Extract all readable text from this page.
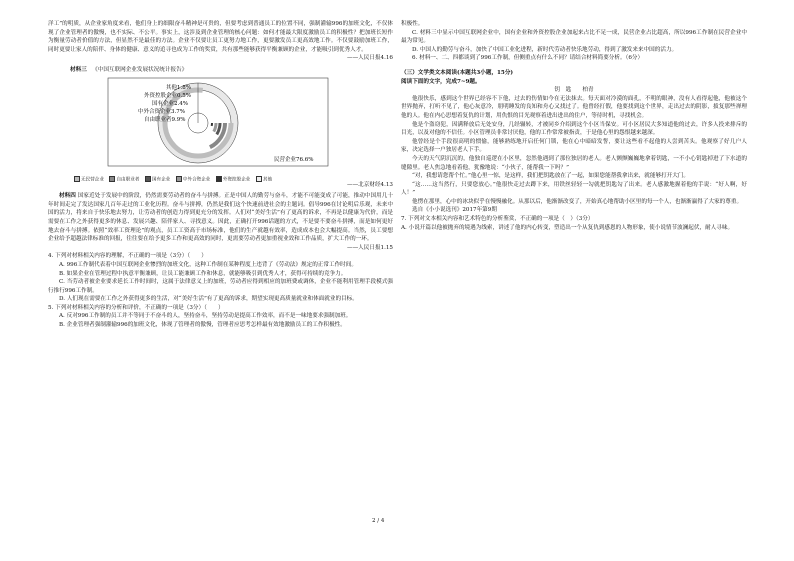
洋工”的明质，从企业家角度来看，他们身上的细限奋斗精神是可贵的，但要考虑到普通员工的位置不同，强制灌输996的加班文化，不仅体现了企业管理者的傲慢，也不实际、不公平。事实上，这涉及到企业管理的核心问题：如何才能最大限度激励员工的积极性？把加班长短作为衡量劳动者价值的方法，但显然不是最佳的方法。企业不仅要让员工更努力地工作，更要激发员工更高效地工作。不仅要鼓励加班工作，同时更要让家人的陪伴、身体的健康、意义的追寻也成为工作的奖赏，共有那些能够获得平衡兼顾的企业，才能吸引到优秀人才。

——人民日报4.16

材料三 《中国互联网企业发展状况统计报告》

其他1.8%
外资控股企业0.5%
国有企业2.4%
中外合资企业3.7%
自由职业者9.9%
民营企业76.6%
无民营企业	自由职业者	国有企业	中外合资企业	外资控股企业	其他

——北京财经4.13

材料四 国家近处于发展中的阶段，仍然需要劳动者的奋斗与拼搏。正是中国人的勤劳与奋斗，才能不可能变成了可能，推动中国用几十年时间走完了发达国家几百年走过的工业化历程。奋斗与拼搏，仍然是我们这个快速前进社会的主题词。倡导996在讨论明后乐观，未来中国的活力，将来自于快乐地去努力，让劳动者的创造力得到更充分的发挥。人们对“美好生活”有了更高的诉求，不再是以健康为代价，而是需要在工作之外获得更多的休息、发展兴趣、陪伴家人、寻找意义。因此，正确打开996话题的方式，不是要不要奋斗拼搏，而是如何更好地去奋斗与拼搏。依照“效率工资理论”的观点，员工工资高于市场标准，他们的生产就越有效率，造成成本也会大幅提高。当然，员工要想企业给予超越法律标准的回报，往往要在给予更多工作和更高效的同时，更需要劳动者更加重视业效和工作品质，扩大工作的一环。

——人民日报1.15

4. 下列对材料相关内容的理解，不正确的一项是（3分）（　　）

A. 996工作制代表着中国互联网企业惨烈的加班文化，这种工作制在某种程度上违背了《劳动法》规定的正常工作时间。

B. 如果企业在管理过程中执意平衡兼顾，让员工能兼顾工作和休息，就能够吸引到优秀人才，获得可持续的竞争力。

C. 当劳动者被企业要求延长工作时间时，这属于法律意义上的加班，劳动者应得到相应的加班费或调休，企业不能利用管理手段模式强行推行996工作制。

D. 人们现在需要在工作之外获得更多的生活，对“美好生活”有了更高的诉求，期望实现更高质量就业和体面就业的目标。

5. 下列对材料相关内容的分析和评价，不正确的一项是（3分）（　　）

A. 反对996工作制的员工并不等同于不奋斗的人，坚持奋斗，坚持劳动是提高工作效率，而不是一味地要求强制加班。

B. 企业管理者强制灌输996的加班文化，体现了管理者的傲慢，管理者应思考怎样最有效地激励员工的工作积极性。

积极性。

C. 材料三中显示中国互联网企业中，国有企业和外资控股企业加起来占比不足一成，民营企业占比超高，所以996工作制在民营企业中最为常见。

D. 中国人的勤劳与奋斗，加快了中国工业化进程，新时代劳动者快乐地劳动，得到了激发来来中国的活力。

6. 材料一、二、四都谈到了996工作制，但侧重点有什么不同？请结合材料简要分析。（6分）

（三）文学类文本阅读(本题共3小题，15分)

阅读下面的文字，完成7~9题。

钥　匙　　柏青

他很快乐，感到这个世界已经容不下他，过去的伤情如今在无法抹去。每天面对冷漠的面孔，不明的眼神，没有人看得起他，他被这个世界抛弃，打听不见了，他心灰意冷，朋明睡发的良知和舟心又找过了。他曾经打假，他要找到这个世界，走出过去的阴影，拔复那些禅理他的人。他在内心思想着复仇的计划，用仇恨的目光观察着进出进出的住户，等待时机，寻找机会。

他是个盗窃犯，因满释放后无处安身，几经辗转，才被同乡介绍到这个小区当保安。可小区居民大多知道他的过去，许多人投来排斥的目光，以及对他的不信任。小区管理员非常讨厌他，他的工作常常被指责，于是他心里的怨恨越来越深。

他曾经是个手段很高明的惯偷，能够熟练地开启任何门锁，他在心中暗暗发誓，要让这些看不起他的人尝到苦头。他观察了好几户人家，决定选择一户独居老人下手。

今天的天气阴沉沉的，他独自巡逻在小区里，忽然他遇到了那位独居的老人。老人颤颤巍巍地拿着钥匙，一不小心钥匙掉进了下水道的缝隙里。老人焦急地看着他，犹豫地说：“小伙子，能帮我一下吗？”

“对，我想请您帮个忙。”他心里一惊，是这样，我们把钥匙放在了一起，如果您能帮我拿出来，就能够打开大门。

“这……这当然行，只要您放心。”他很快走过去蹲下来，用铁丝轻轻一勾就把钥匙勾了出来。老人感激地握着他的手说：“好人啊，好人！”

他愣在那里，心中的冰块似乎在慢慢融化。从那以后，他渐渐改变了，开始真心地帮助小区里的每一个人，也渐渐赢得了大家的尊重。

选自《小小说选刊》2017年第9期

7. 下列对文本相关内容和艺术特色的分析鉴赏，不正确的一项是（　）（3分）

A. 小说开篇以他被抛弃的境遇为线索，讲述了他的内心转变，塑造出一个从复仇到感恩的人物形象，使小说情节波澜起伏，耐人寻味。

2 / 4
